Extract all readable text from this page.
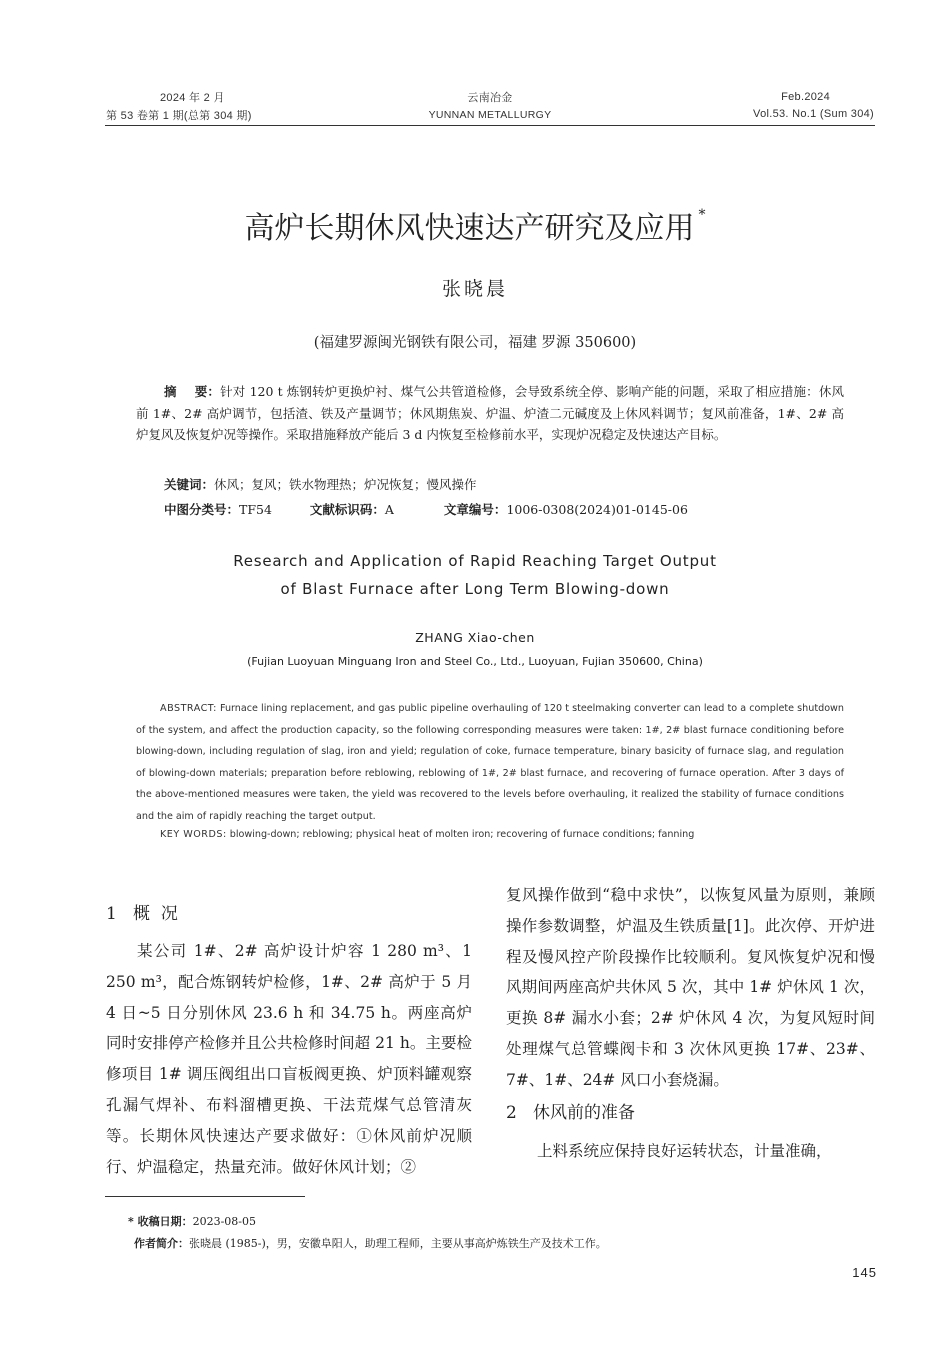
2024 年 2 月
第 53 卷第 1 期(总第 304 期)
云南冶金
YUNNAN METALLURGY
Feb.2024
Vol.53. No.1 (Sum 304)
高炉长期休风快速达产研究及应用 *
张晓晨
(福建罗源闽光钢铁有限公司，福建 罗源 350600)
摘    要：针对 120 t 炼钢转炉更换炉衬、煤气公共管道检修，会导致系统全停、影响产能的问题，采取了相应措施：休风前 1#、2# 高炉调节，包括渣、铁及产量调节；休风期焦炭、炉温、炉渣二元碱度及上休风料调节；复风前准备，1#、2# 高炉复风及恢复炉况等操作。采取措施释放产能后 3 d 内恢复至检修前水平，实现炉况稳定及快速达产目标。
关键词：休风；复风；铁水物理热；炉况恢复；慢风操作
中图分类号：TF54	文献标识码：A	文章编号：1006-0308(2024)01-0145-06
Research and Application of Rapid Reaching Target Output
of Blast Furnace after Long Term Blowing-down
ZHANG Xiao-chen
(Fujian Luoyuan Minguang Iron and Steel Co., Ltd., Luoyuan, Fujian 350600, China)
ABSTRACT: Furnace lining replacement, and gas public pipeline overhauling of 120 t steelmaking converter can lead to a complete shutdown of the system, and affect the production capacity, so the following corresponding measures were taken: 1#, 2# blast furnace conditioning before blowing-down, including regulation of slag, iron and yield; regulation of coke, furnace temperature, binary basicity of furnace slag, and regulation of blowing-down materials; preparation before reblowing, reblowing of 1#, 2# blast furnace, and recovering of furnace operation. After 3 days of the above-mentioned measures were taken, the yield was recovered to the levels before overhauling, it realized the stability of furnace conditions and the aim of rapidly reaching the target output.
KEY WORDS: blowing-down; reblowing; physical heat of molten iron; recovering of furnace conditions; fanning
1   概  况

某公司 1#、2# 高炉设计炉容 1 280 m³、1 250 m³，配合炼钢转炉检修，1#、2# 高炉于 5 月 4 日~5 日分别休风 23.6 h 和 34.75 h。两座高炉同时安排停产检修并且公共检修时间超 21 h。主要检修项目 1# 调压阀组出口盲板阀更换、炉顶料罐观察孔漏气焊补、布料溜槽更换、干法荒煤气总管清灰等。长期休风快速达产要求做好：①休风前炉况顺行、炉温稳定，热量充沛。做好休风计划；②

复风操作做到“稳中求快”，以恢复风量为原则，兼顾操作参数调整，炉温及生铁质量[1]。此次停、开炉进程及慢风控产阶段操作比较顺利。复风恢复炉况和慢风期间两座高炉共休风 5 次，其中 1# 炉休风 1 次，更换 8# 漏水小套；2# 炉休风 4 次，为复风短时间处理煤气总管蝶阀卡和 3 次休风更换 17#、23#、7#、1#、24# 风口小套烧漏。

2   休风前的准备

上料系统应保持良好运转状态，计量准确，

* 收稿日期：2023-08-05
作者简介：张晓晨 (1985-)，男，安徽阜阳人，助理工程师，主要从事高炉炼铁生产及技术工作。
145
